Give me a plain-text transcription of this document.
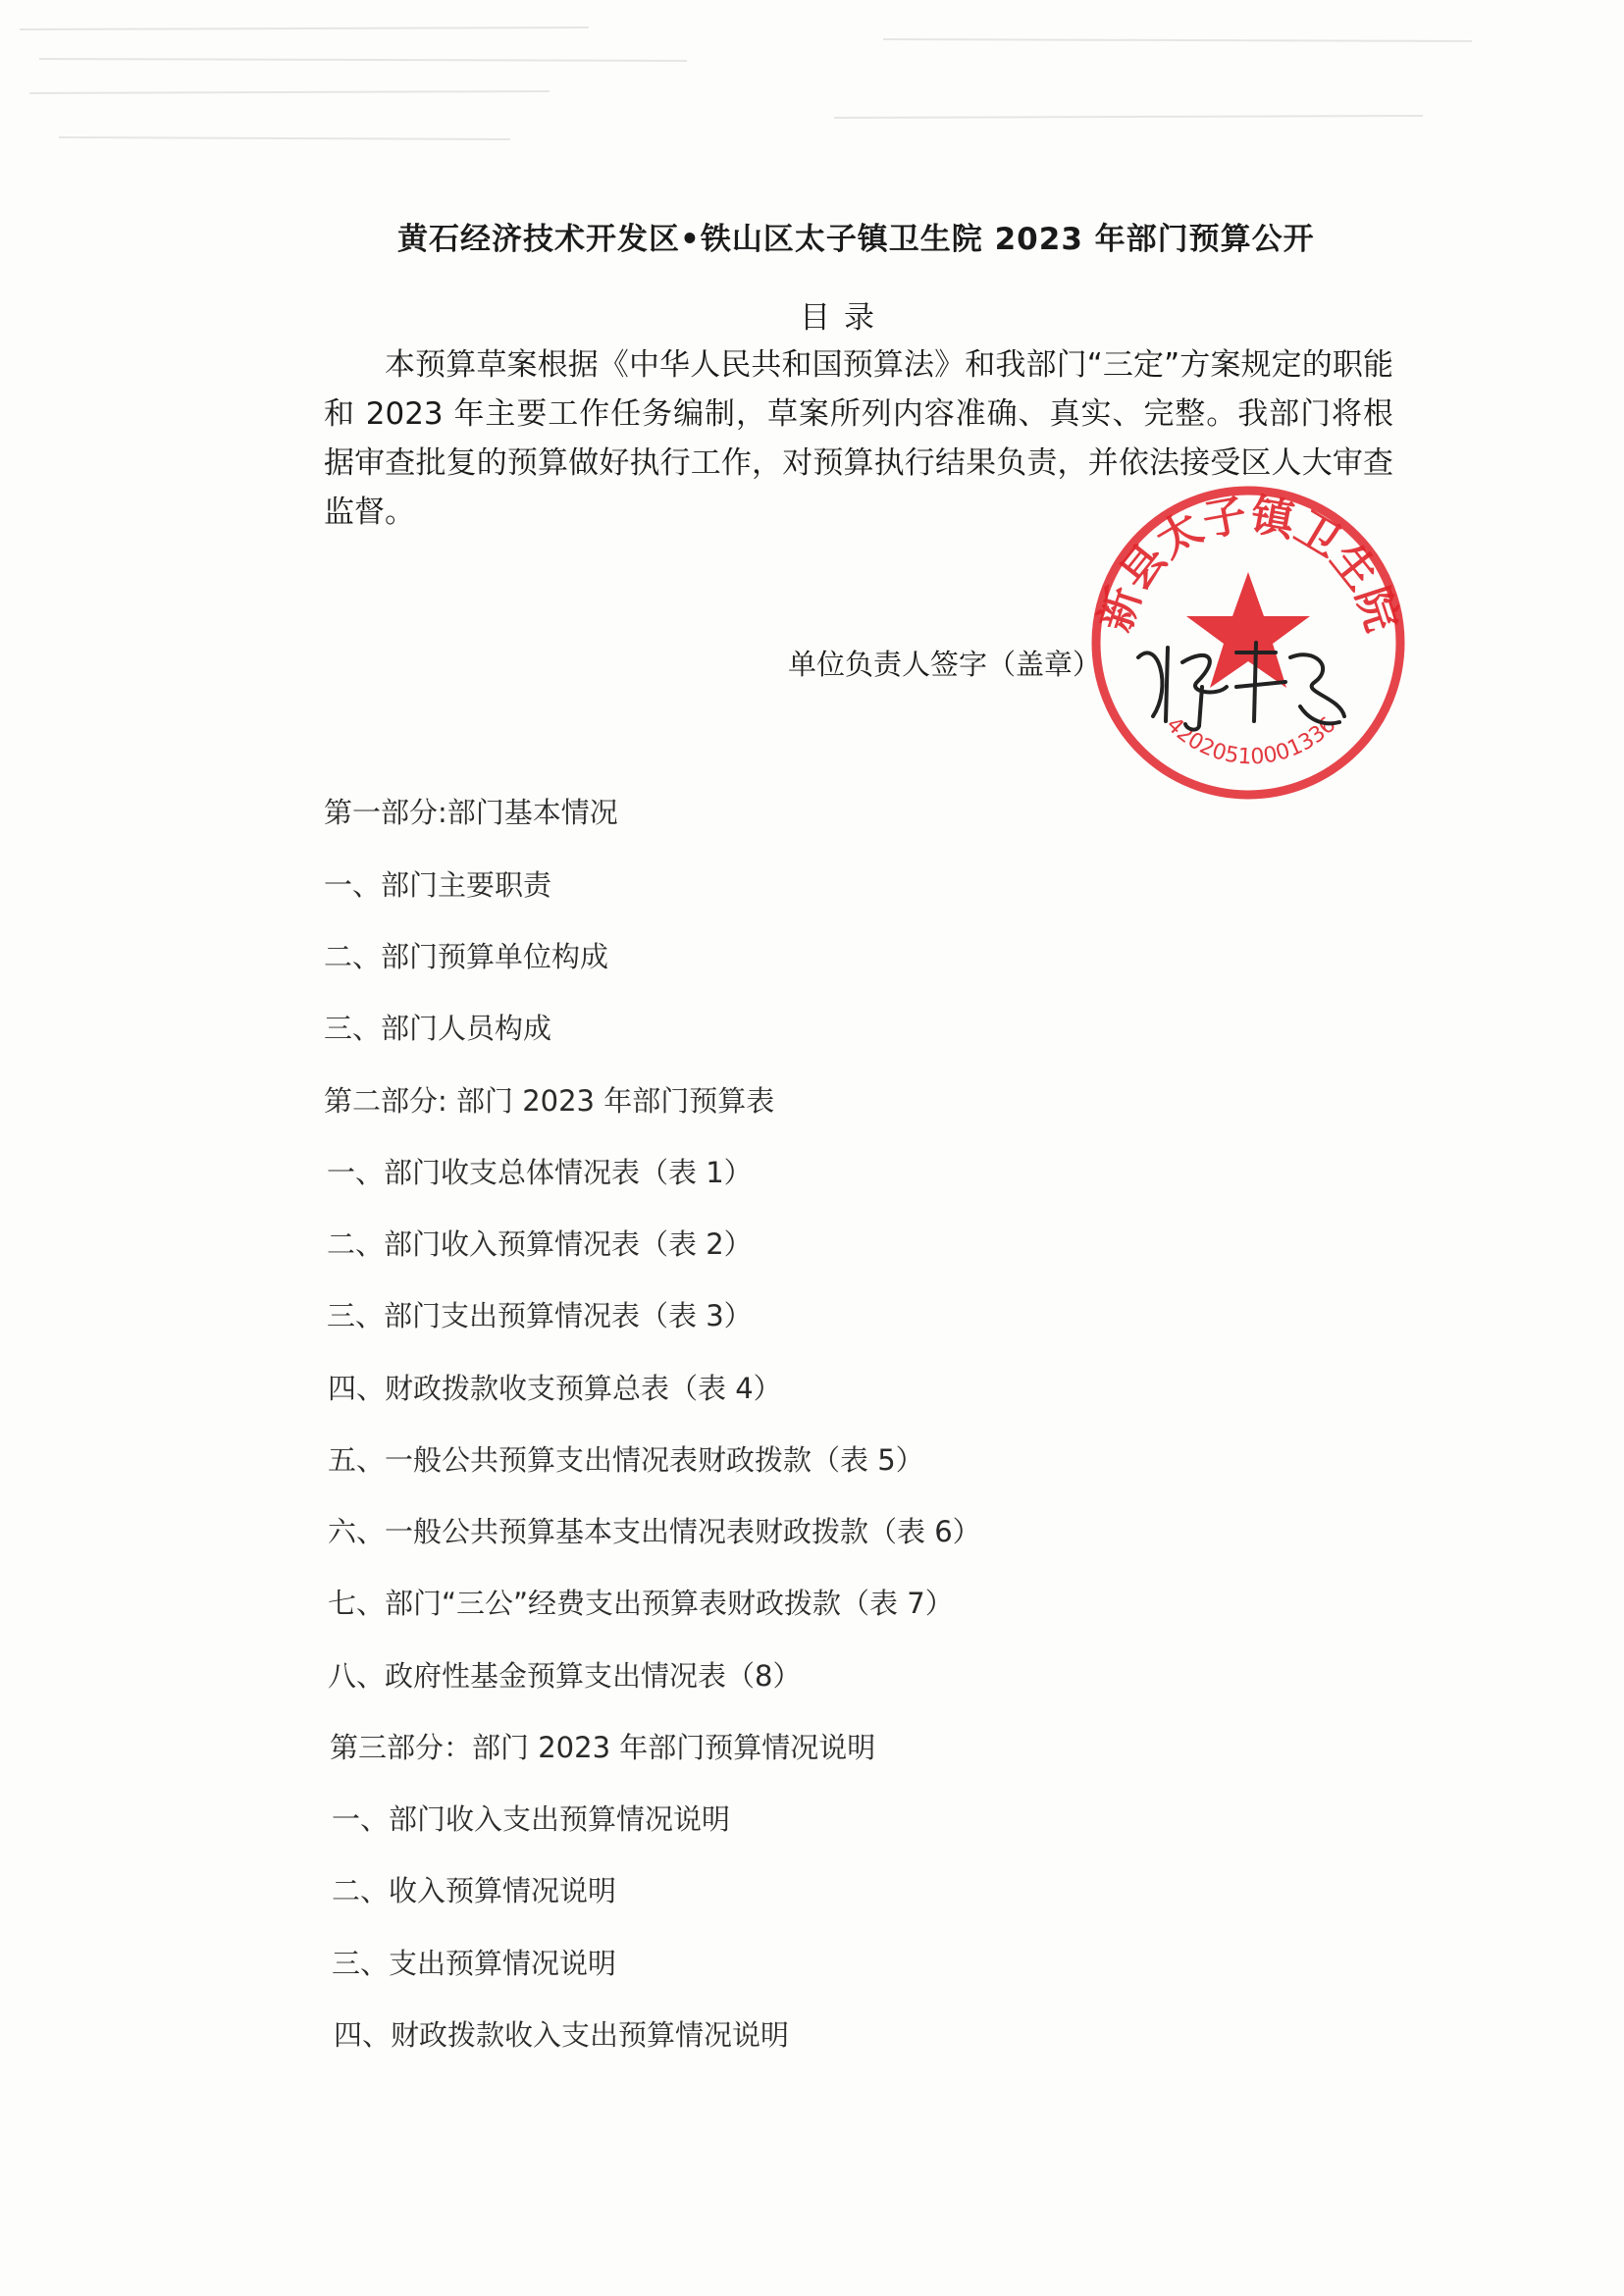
黄石经济技术开发区•铁山区太子镇卫生院 2023 年部门预算公开
目录
本预算草案根据《中华人民共和国预算法》和我部门“三定”方案规定的职能和 2023 年主要工作任务编制，草案所列内容准确、真实、完整。我部门将根据审查批复的预算做好执行工作，对预算执行结果负责，并依法接受区人大审查监督。
单位负责人签字（盖章）
新县太子镇卫生院
42020510001336
第一部分:部门基本情况
一、部门主要职责
二、部门预算单位构成
三、部门人员构成
第二部分: 部门 2023 年部门预算表
一、部门收支总体情况表（表 1）
二、部门收入预算情况表（表 2）
三、部门支出预算情况表（表 3）
四、财政拨款收支预算总表（表 4）
五、一般公共预算支出情况表财政拨款（表 5）
六、一般公共预算基本支出情况表财政拨款（表 6）
七、部门“三公”经费支出预算表财政拨款（表 7）
八、政府性基金预算支出情况表（8）
第三部分：部门 2023 年部门预算情况说明
一、部门收入支出预算情况说明
二、收入预算情况说明
三、支出预算情况说明
四、财政拨款收入支出预算情况说明
